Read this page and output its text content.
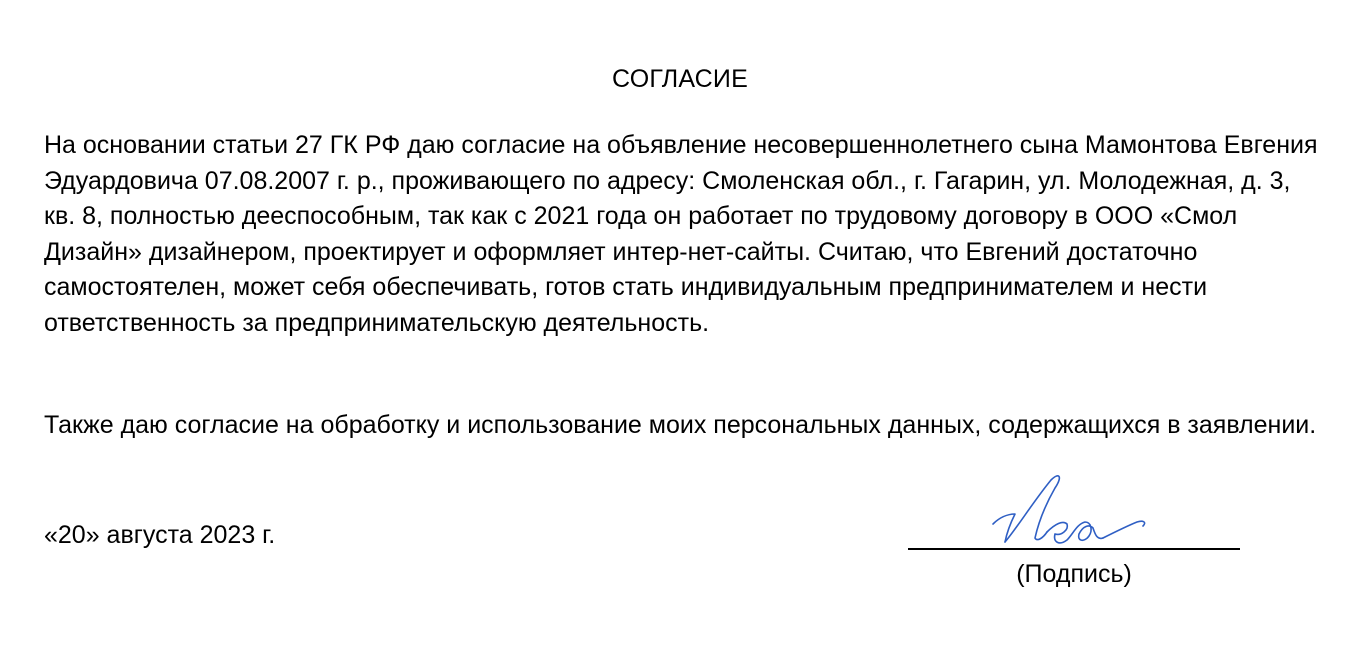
СОГЛАСИЕ
На основании статьи 27 ГК РФ даю согласие на объявление несовершеннолетнего сына Мамонтова Евгения Эдуардовича 07.08.2007 г. р., проживающего по адресу: Смоленская обл., г. Гагарин, ул. Молодежная, д. 3, кв. 8, полностью дееспособным, так как с 2021 года он работает по трудовому договору в ООО «Смол Дизайн» дизайнером, проектирует и оформляет интер-нет-сайты. Считаю, что Евгений достаточно самостоятелен, может себя обеспечивать, готов стать индивидуальным предпринимателем и нести ответственность за предпринимательскую деятельность.
Также даю согласие на обработку и использование моих персональных данных, содержащихся в заявлении.
«20» августа 2023 г.
(Подпись)
